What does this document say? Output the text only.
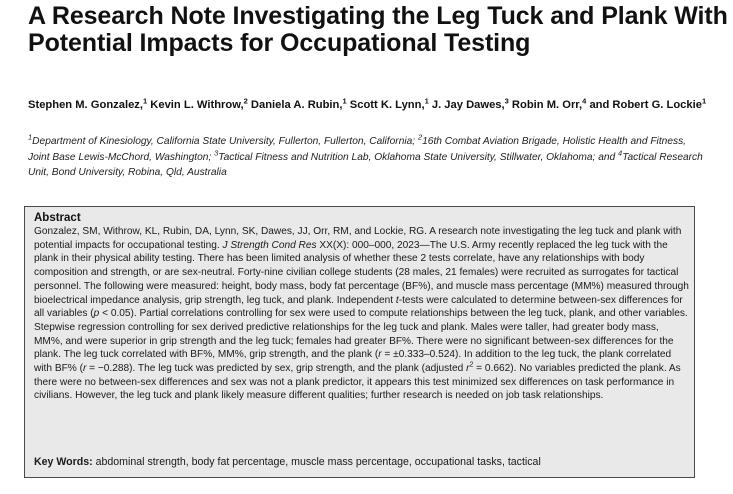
A Research Note Investigating the Leg Tuck and Plank With Potential Impacts for Occupational Testing

Stephen M. Gonzalez,$^1$ Kevin L. Withrow,$^2$ Daniela A. Rubin,$^1$ Scott K. Lynn,$^1$ J. Jay Dawes,$^3$ Robin M. Orr,$^4$ and Robert G. Lockie$^1$

$^1$Department of Kinesiology, California State University, Fullerton, Fullerton, California; $^2$16th Combat Aviation Brigade, Holistic Health and Fitness, Joint Base Lewis-McChord, Washington; $^3$Tactical Fitness and Nutrition Lab, Oklahoma State University, Stillwater, Oklahoma; and $^4$Tactical Research Unit, Bond University, Robina, Qld, Australia

Abstract

Gonzalez, SM, Withrow, KL, Rubin, DA, Lynn, SK, Dawes, JJ, Orr, RM, and Lockie, RG. A research note investigating the leg tuck and plank with potential impacts for occupational testing. J Strength Cond Res XX(X): 000–000, 2023—The U.S. Army recently replaced the leg tuck with the plank in their physical ability testing. There has been limited analysis of whether these 2 tests correlate, have any relationships with body composition and strength, or are sex-neutral. Forty-nine civilian college students (28 males, 21 females) were recruited as surrogates for tactical personnel. The following were measured: height, body mass, body fat percentage (BF%), and muscle mass percentage (MM%) measured through bioelectrical impedance analysis, grip strength, leg tuck, and plank. Independent t-tests were calculated to determine between-sex differences for all variables (p < 0.05). Partial correlations controlling for sex were used to compute relationships between the leg tuck, plank, and other variables. Stepwise regression controlling for sex derived predictive relationships for the leg tuck and plank. Males were taller, had greater body mass, MM%, and were superior in grip strength and the leg tuck; females had greater BF%. There were no significant between-sex differences for the plank. The leg tuck correlated with BF%, MM%, grip strength, and the plank (r = ±0.333–0.524). In addition to the leg tuck, the plank correlated with BF% (r = −0.288). The leg tuck was predicted by sex, grip strength, and the plank (adjusted $r^2 = 0.662$). No variables predicted the plank. As there were no between-sex differences and sex was not a plank predictor, it appears this test minimized sex differences on task performance in civilians. However, the leg tuck and plank likely measure different qualities; further research is needed on job task relationships.

Key Words: abdominal strength, body fat percentage, muscle mass percentage, occupational tasks, tactical
